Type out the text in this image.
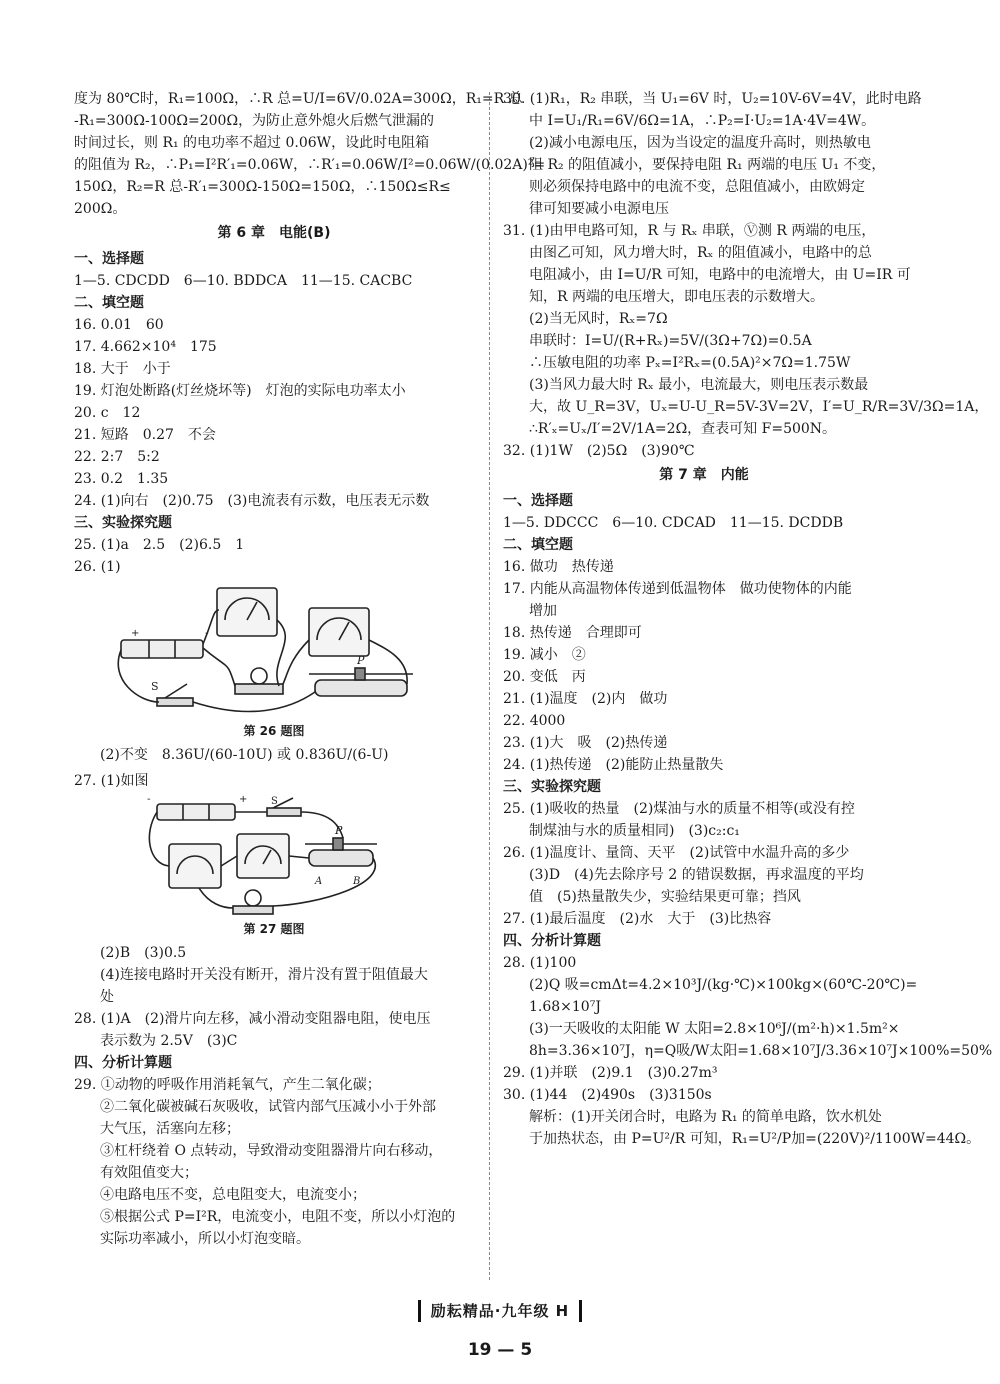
度为 80℃时，R₁=100Ω，∴R 总=U/I=6V/0.02A=300Ω，R₁=R 总

-R₁=300Ω-100Ω=200Ω，为防止意外熄火后燃气泄漏的

时间过长，则 R₁ 的电功率不超过 0.06W，设此时电阻箱

的阻值为 R₂，∴P₁=I²R′₁=0.06W，∴R′₁=0.06W/I²=0.06W/(0.02A)²=

150Ω，R₂=R 总-R′₁=300Ω-150Ω=150Ω，∴150Ω≤R≤

200Ω。

第 6 章　电能(B)

一、选择题

1—5. CDCDD　6—10. BDDCA　11—15. CACBC

二、填空题

16. 0.01　60

17. 4.662×10⁴　175

18. 大于　小于

19. 灯泡处断路(灯丝烧坏等)　灯泡的实际电功率太小

20. c　12

21. 短路　0.27　不会

22. 2:7　5:2

23. 0.2　1.35

24. (1)向右　(2)0.75　(3)电流表有示数，电压表无示数

三、实验探究题

25. (1)a　2.5　(2)6.5　1

26. (1)

+	-
S
P

第 26 题图

(2)不变　8.36U/(60-10U) 或 0.836U/(6-U)

27. (1)如图

S
-	+
P
A	B

第 27 题图

(2)B　(3)0.5

(4)连接电路时开关没有断开，滑片没有置于阻值最大

处

28. (1)A　(2)滑片向左移，减小滑动变阻器电阻，使电压

表示数为 2.5V　(3)C

四、分析计算题

29. ①动物的呼吸作用消耗氧气，产生二氧化碳；

②二氧化碳被碱石灰吸收，试管内部气压减小小于外部

大气压，活塞向左移；

③杠杆绕着 O 点转动，导致滑动变阻器滑片向右移动，

有效阻值变大；

④电路电压不变，总电阻变大，电流变小；

⑤根据公式 P=I²R，电流变小，电阻不变，所以小灯泡的

实际功率减小，所以小灯泡变暗。

30. (1)R₁，R₂ 串联，当 U₁=6V 时，U₂=10V-6V=4V，此时电路

中 I=U₁/R₁=6V/6Ω=1A，∴P₂=I·U₂=1A·4V=4W。

(2)减小电源电压，因为当设定的温度升高时，则热敏电

阻 R₂ 的阻值减小，要保持电阻 R₁ 两端的电压 U₁ 不变，

则必须保持电路中的电流不变，总阻值减小，由欧姆定

律可知要减小电源电压

31. (1)由甲电路可知，R 与 Rₓ 串联，Ⓥ测 R 两端的电压，

由图乙可知，风力增大时，Rₓ 的阻值减小，电路中的总

电阻减小，由 I=U/R 可知，电路中的电流增大，由 U=IR 可

知，R 两端的电压增大，即电压表的示数增大。

(2)当无风时，Rₓ=7Ω

串联时：I=U/(R+Rₓ)=5V/(3Ω+7Ω)=0.5A

∴压敏电阻的功率 Pₓ=I²Rₓ=(0.5A)²×7Ω=1.75W

(3)当风力最大时 Rₓ 最小，电流最大，则电压表示数最

大，故 U_R=3V，Uₓ=U-U_R=5V-3V=2V，I′=U_R/R=3V/3Ω=1A，

∴R′ₓ=Uₓ/I′=2V/1A=2Ω，查表可知 F=500N。

32. (1)1W　(2)5Ω　(3)90℃

第 7 章　内能

一、选择题

1—5. DDCCC　6—10. CDCAD　11—15. DCDDB

二、填空题

16. 做功　热传递

17. 内能从高温物体传递到低温物体　做功使物体的内能

增加

18. 热传递　合理即可

19. 减小　②

20. 变低　丙

21. (1)温度　(2)内　做功

22. 4000

23. (1)大　吸　(2)热传递

24. (1)热传递　(2)能防止热量散失

三、实验探究题

25. (1)吸收的热量　(2)煤油与水的质量不相等(或没有控

制煤油与水的质量相同)　(3)c₂:c₁

26. (1)温度计、量筒、天平　(2)试管中水温升高的多少

(3)D　(4)先去除序号 2 的错误数据，再求温度的平均

值　(5)热量散失少，实验结果更可靠；挡风

27. (1)最后温度　(2)水　大于　(3)比热容

四、分析计算题

28. (1)100

(2)Q 吸=cmΔt=4.2×10³J/(kg·℃)×100kg×(60℃-20℃)=

1.68×10⁷J

(3)一天吸收的太阳能 W 太阳=2.8×10⁶J/(m²·h)×1.5m²×

8h=3.36×10⁷J，η=Q吸/W太阳=1.68×10⁷J/3.36×10⁷J×100%=50%

29. (1)并联　(2)9.1　(3)0.27m³

30. (1)44　(2)490s　(3)3150s

解析：(1)开关闭合时，电路为 R₁ 的简单电路，饮水机处

于加热状态，由 P=U²/R 可知，R₁=U²/P加=(220V)²/1100W=44Ω。

励耘精品·九年级 H
19 — 5
